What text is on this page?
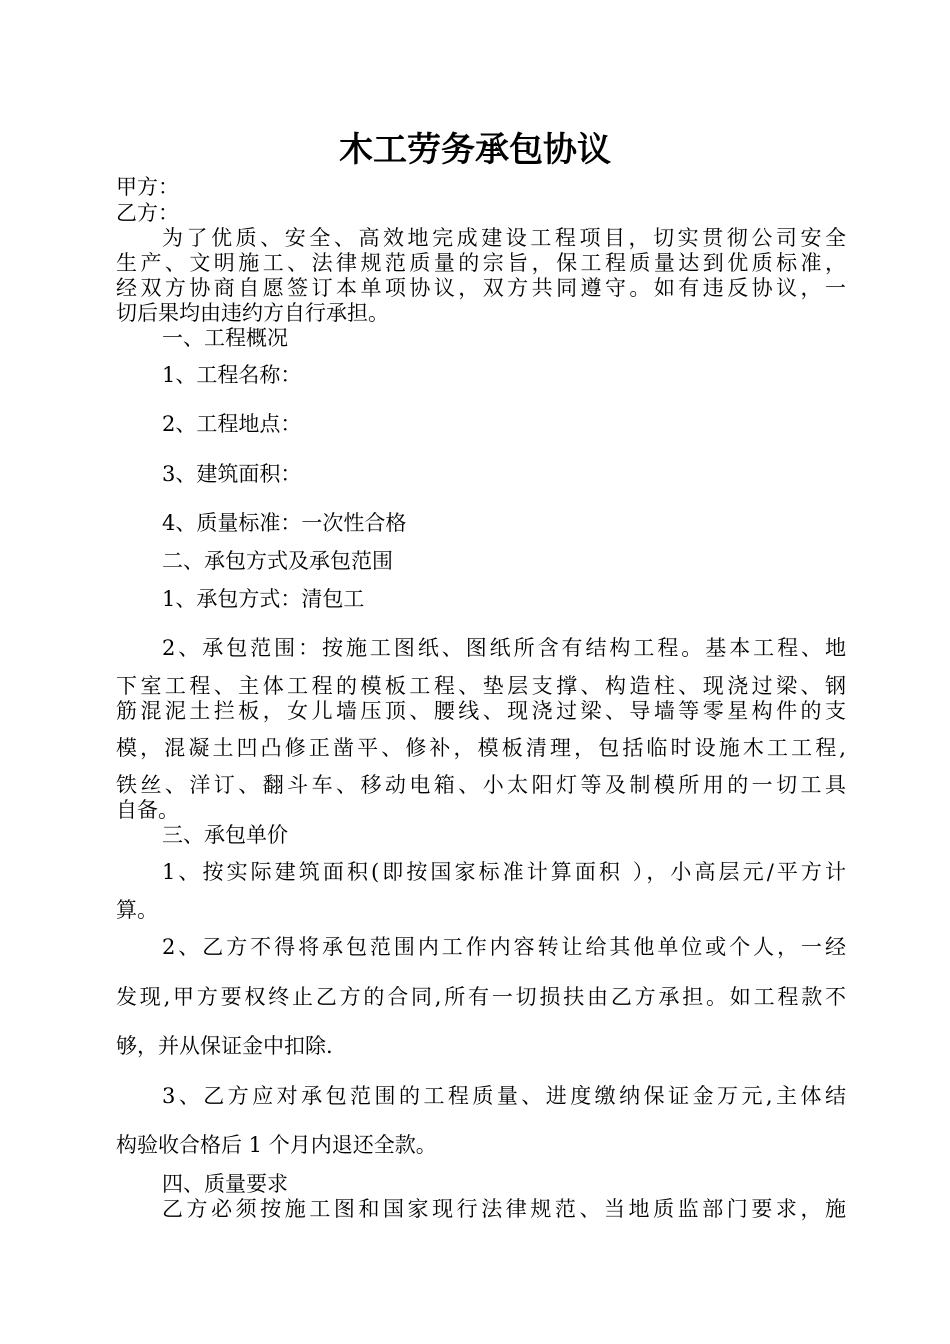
木工劳务承包协议
甲方：
乙方：
为了优质、安全、高效地完成建设工程项目，切实贯彻公司安全
生产、文明施工、法律规范质量的宗旨，保工程质量达到优质标准，
经双方协商自愿签订本单项协议，双方共同遵守。如有违反协议，一
切后果均由违约方自行承担。
一、工程概况
1、工程名称：
2、工程地点：
3、建筑面积：
4、质量标准：一次性合格
二、承包方式及承包范围
1、承包方式：清包工
2、承包范围：按施工图纸、图纸所含有结构工程。基本工程、地
下室工程、主体工程的模板工程、垫层支撑、构造柱、现浇过梁、钢
筋混泥土拦板，女儿墙压顶、腰线、现浇过梁、导墙等零星构件的支
模，混凝土凹凸修正凿平、修补，模板清理，包括临时设施木工工程,
铁丝、洋订、翻斗车、移动电箱、小太阳灯等及制模所用的一切工具
自备。
三、承包单价
1、按实际建筑面积(即按国家标准计算面积 ），小高层元/平方计
算。
2、乙方不得将承包范围内工作内容转让给其他单位或个人，一经
发现,甲方要权终止乙方的合同,所有一切损扶由乙方承担。如工程款不
够，并从保证金中扣除.
3、乙方应对承包范围的工程质量、进度缴纳保证金万元,主体结
构验收合格后 1 个月内退还全款。
四、质量要求
乙方必须按施工图和国家现行法律规范、当地质监部门要求，施
